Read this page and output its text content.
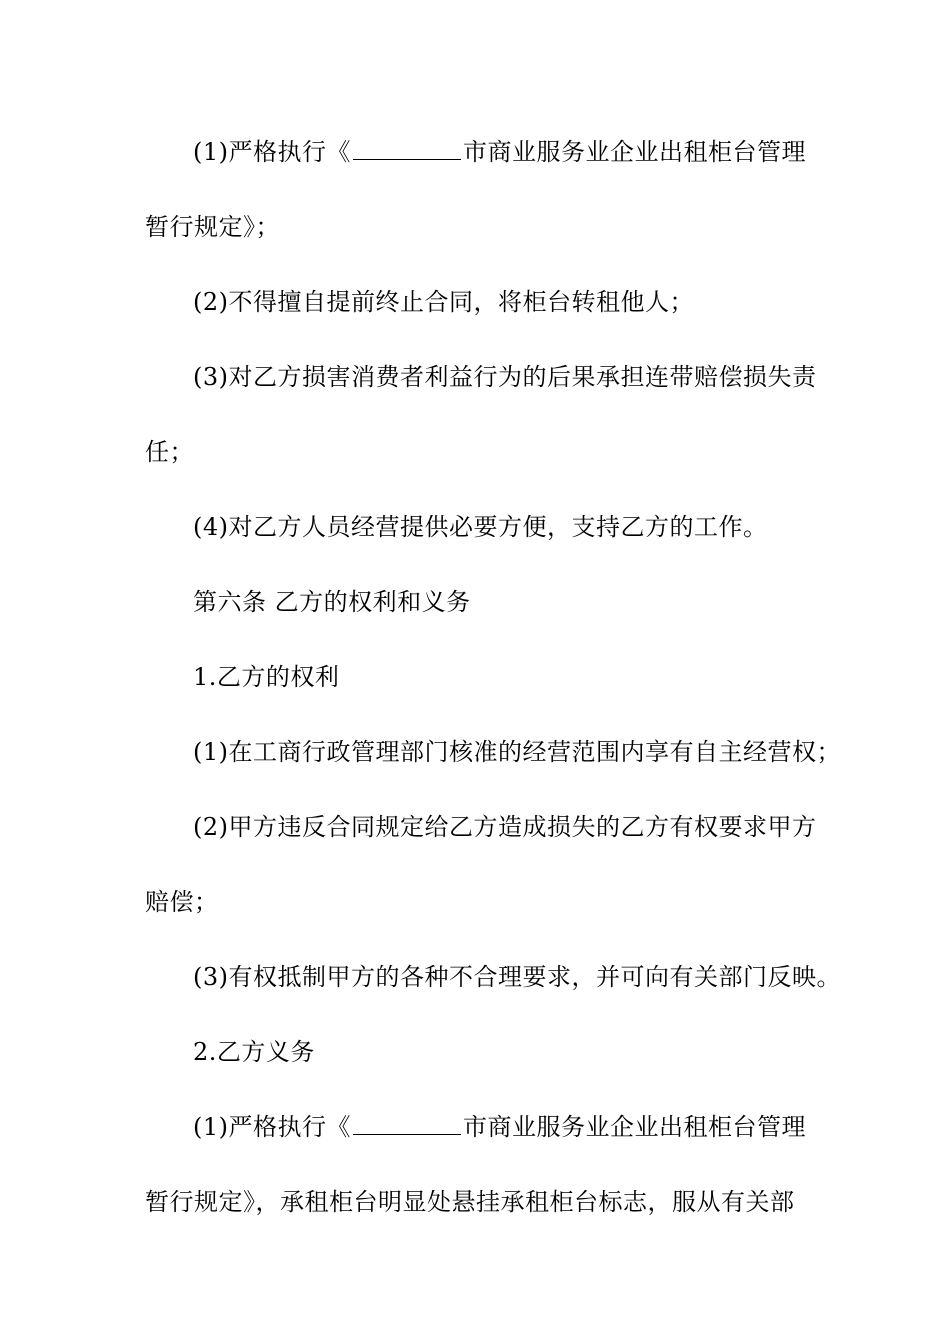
(1)严格执行《	市商业服务业企业出租柜台管理
暂行规定》；
(2)不得擅自提前终止合同，将柜台转租他人；
(3)对乙方损害消费者利益行为的后果承担连带赔偿损失责
任；
(4)对乙方人员经营提供必要方便，支持乙方的工作。
第六条 乙方的权利和义务
1.乙方的权利
(1)在工商行政管理部门核准的经营范围内享有自主经营权；
(2)甲方违反合同规定给乙方造成损失的乙方有权要求甲方
赔偿；
(3)有权抵制甲方的各种不合理要求，并可向有关部门反映。
2.乙方义务
(1)严格执行《	市商业服务业企业出租柜台管理
暂行规定》，承租柜台明显处悬挂承租柜台标志，服从有关部
